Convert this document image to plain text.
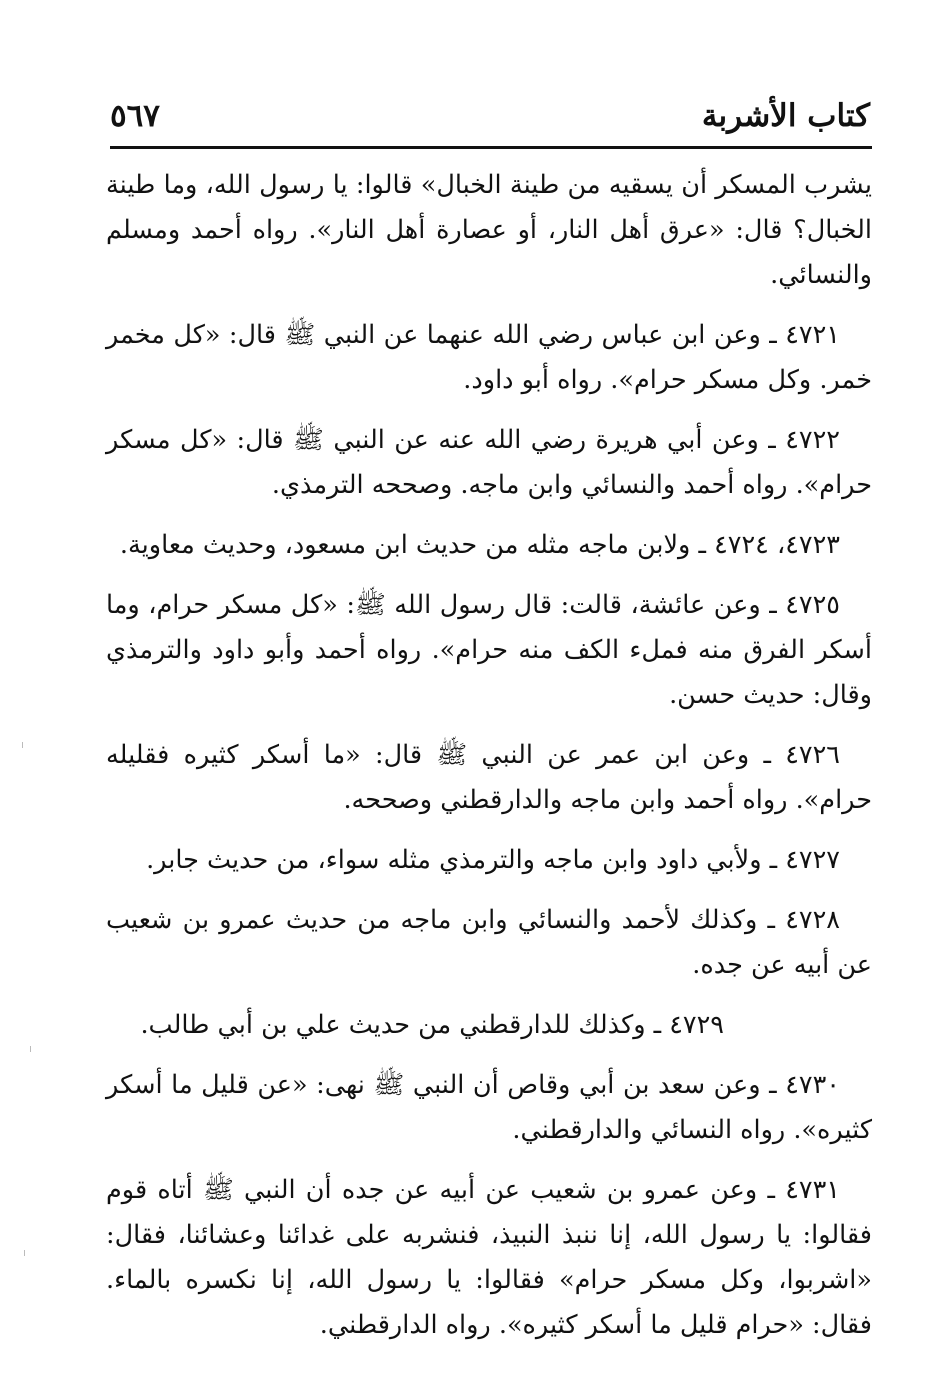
كتاب الأشربة
٥٦٧

يشرب المسكر أن يسقيه من طينة الخبال» قالوا: يا رسول الله، وما طينة الخبال؟ قال: «عرق أهل النار، أو عصارة أهل النار». رواه أحمد ومسلم والنسائي.

٤٧٢١ ـ وعن ابن عباس رضي الله عنهما عن النبي ﷺ قال: «كل مخمر خمر. وكل مسكر حرام». رواه أبو داود.

٤٧٢٢ ـ وعن أبي هريرة رضي الله عنه عن النبي ﷺ قال: «كل مسكر حرام». رواه أحمد والنسائي وابن ماجه. وصححه الترمذي.

٤٧٢٣، ٤٧٢٤ ـ ولابن ماجه مثله من حديث ابن مسعود، وحديث معاوية.

٤٧٢٥ ـ وعن عائشة، قالت: قال رسول الله ﷺ: «كل مسكر حرام، وما أسكر الفرق منه فملء الكف منه حرام». رواه أحمد وأبو داود والترمذي وقال: حديث حسن.

٤٧٢٦ ـ وعن ابن عمر عن النبي ﷺ قال: «ما أسكر كثيره فقليله حرام». رواه أحمد وابن ماجه والدارقطني وصححه.

٤٧٢٧ ـ ولأبي داود وابن ماجه والترمذي مثله سواء، من حديث جابر.

٤٧٢٨ ـ وكذلك لأحمد والنسائي وابن ماجه من حديث عمرو بن شعيب عن أبيه عن جده.

٤٧٢٩ ـ وكذلك للدارقطني من حديث علي بن أبي طالب.

٤٧٣٠ ـ وعن سعد بن أبي وقاص أن النبي ﷺ نهى: «عن قليل ما أسكر كثيره». رواه النسائي والدارقطني.

٤٧٣١ ـ وعن عمرو بن شعيب عن أبيه عن جده أن النبي ﷺ أتاه قوم فقالوا: يا رسول الله، إنا ننبذ النبيذ، فنشربه على غدائنا وعشائنا، فقال: «اشربوا، وكل مسكر حرام» فقالوا: يا رسول الله، إنا نكسره بالماء. فقال: «حرام قليل ما أسكر كثيره». رواه الدارقطني.
